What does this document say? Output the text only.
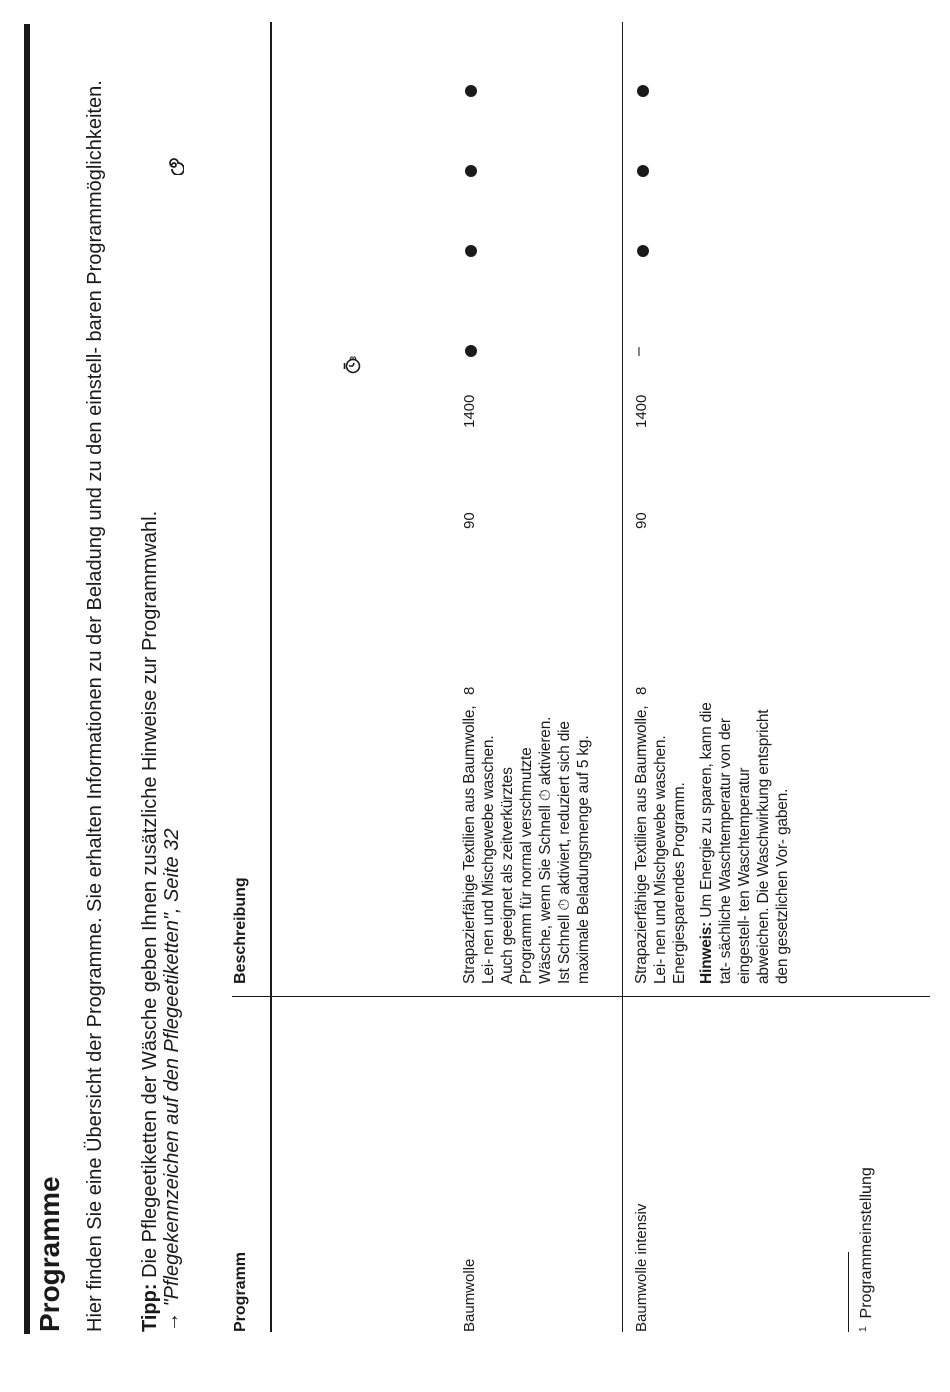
Programme Hier finden Sie eine Übersicht der Programme. Sie erhalten Informationen zu der Beladung und zu den einstell- baren Programmöglichkeiten. Tipp: Die Pflegeetiketten der Wäsche geben Ihnen zusätzliche Hinweise zur Programmwahl.
→ "Pflegekennzeichen auf den Pflegeetiketten", Seite 32

Programm
Beschreibung
Baumwolle

Strapazierfähige Textilien aus Baumwolle, Lei- nen und Mischgewebe waschen. Auch geeignet als zeitverkürztes Programm für normal verschmutzte Wäsche, wenn Sie Schnell ⏱ aktivieren. Ist Schnell ⏱ aktiviert, reduziert sich die maximale Beladungsmenge auf 5 kg.

8
90
1400
Baumwolle intensiv

Strapazierfähige Textilien aus Baumwolle, Lei- nen und Mischgewebe waschen. Energiesparendes Programm. Hinweis: Um Energie zu sparen, kann die tat- sächliche Waschtemperatur von der eingestell- ten Waschtemperatur abweichen. Die Waschwirkung entspricht den gesetzlichen Vor- gaben.

8
90
1400
–
$^1$Programmeinstellung
